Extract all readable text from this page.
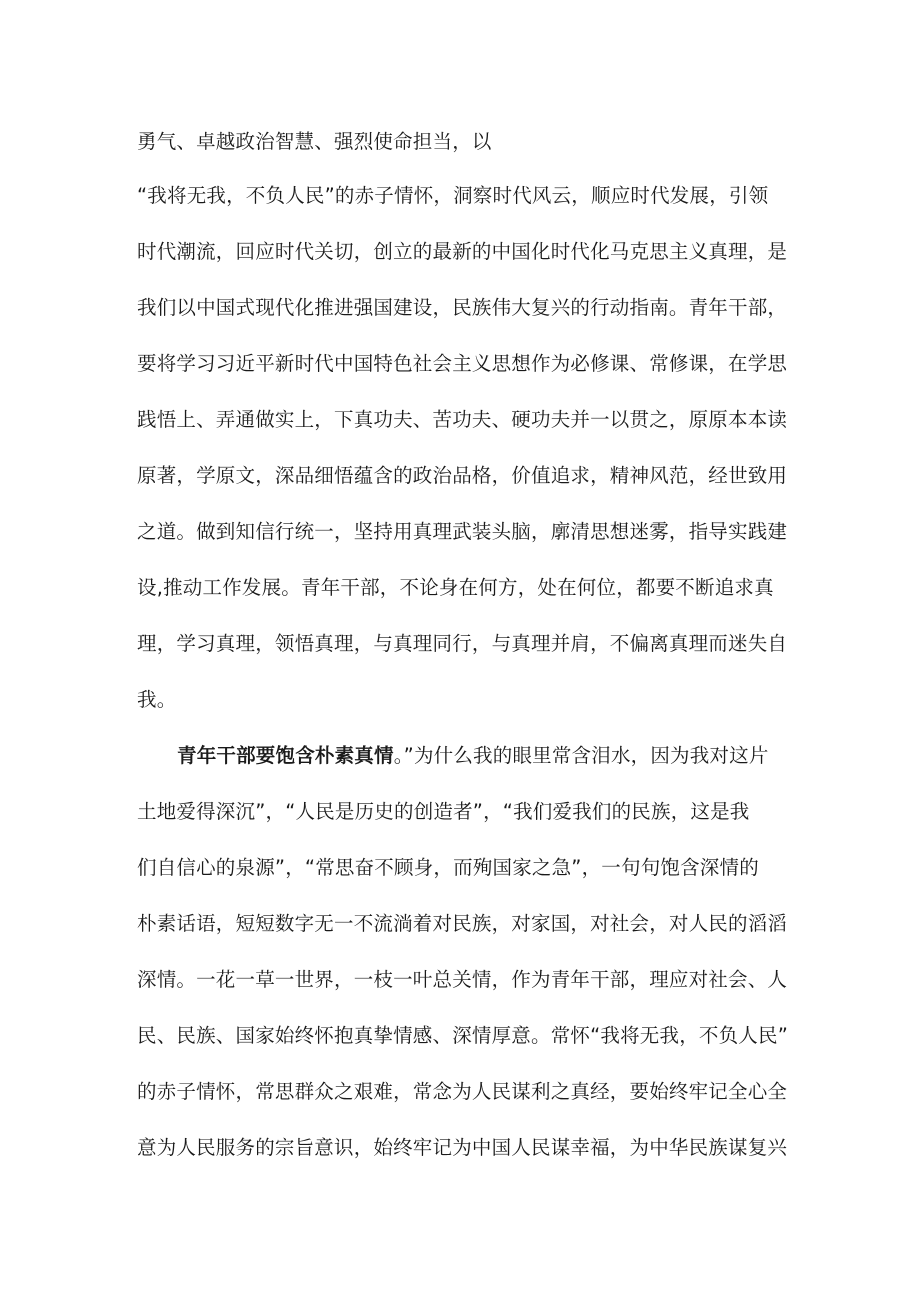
勇气、卓越政治智慧、强烈使命担当，以
“我将无我，不负人民”的赤子情怀，洞察时代风云，顺应时代发展，引领
时代潮流，回应时代关切，创立的最新的中国化时代化马克思主义真理，是
我们以中国式现代化推进强国建设，民族伟大复兴的行动指南。青年干部，
要将学习习近平新时代中国特色社会主义思想作为必修课、常修课，在学思
践悟上、弄通做实上，下真功夫、苦功夫、硬功夫并一以贯之，原原本本读
原著，学原文，深品细悟蕴含的政治品格，价值追求，精神风范，经世致用
之道。做到知信行统一，坚持用真理武装头脑，廓清思想迷雾，指导实践建
设,推动工作发展。青年干部，不论身在何方，处在何位，都要不断追求真
理，学习真理，领悟真理，与真理同行，与真理并肩，不偏离真理而迷失自
我。
青年干部要饱含朴素真情。”为什么我的眼里常含泪水，因为我对这片
土地爱得深沉”，“人民是历史的创造者”，“我们爱我们的民族，这是我
们自信心的泉源”，“常思奋不顾身，而殉国家之急”，一句句饱含深情的
朴素话语，短短数字无一不流淌着对民族，对家国，对社会，对人民的滔滔
深情。一花一草一世界，一枝一叶总关情，作为青年干部，理应对社会、人
民、民族、国家始终怀抱真挚情感、深情厚意。常怀“我将无我，不负人民”
的赤子情怀，常思群众之艰难，常念为人民谋利之真经，要始终牢记全心全
意为人民服务的宗旨意识，始终牢记为中国人民谋幸福，为中华民族谋复兴
